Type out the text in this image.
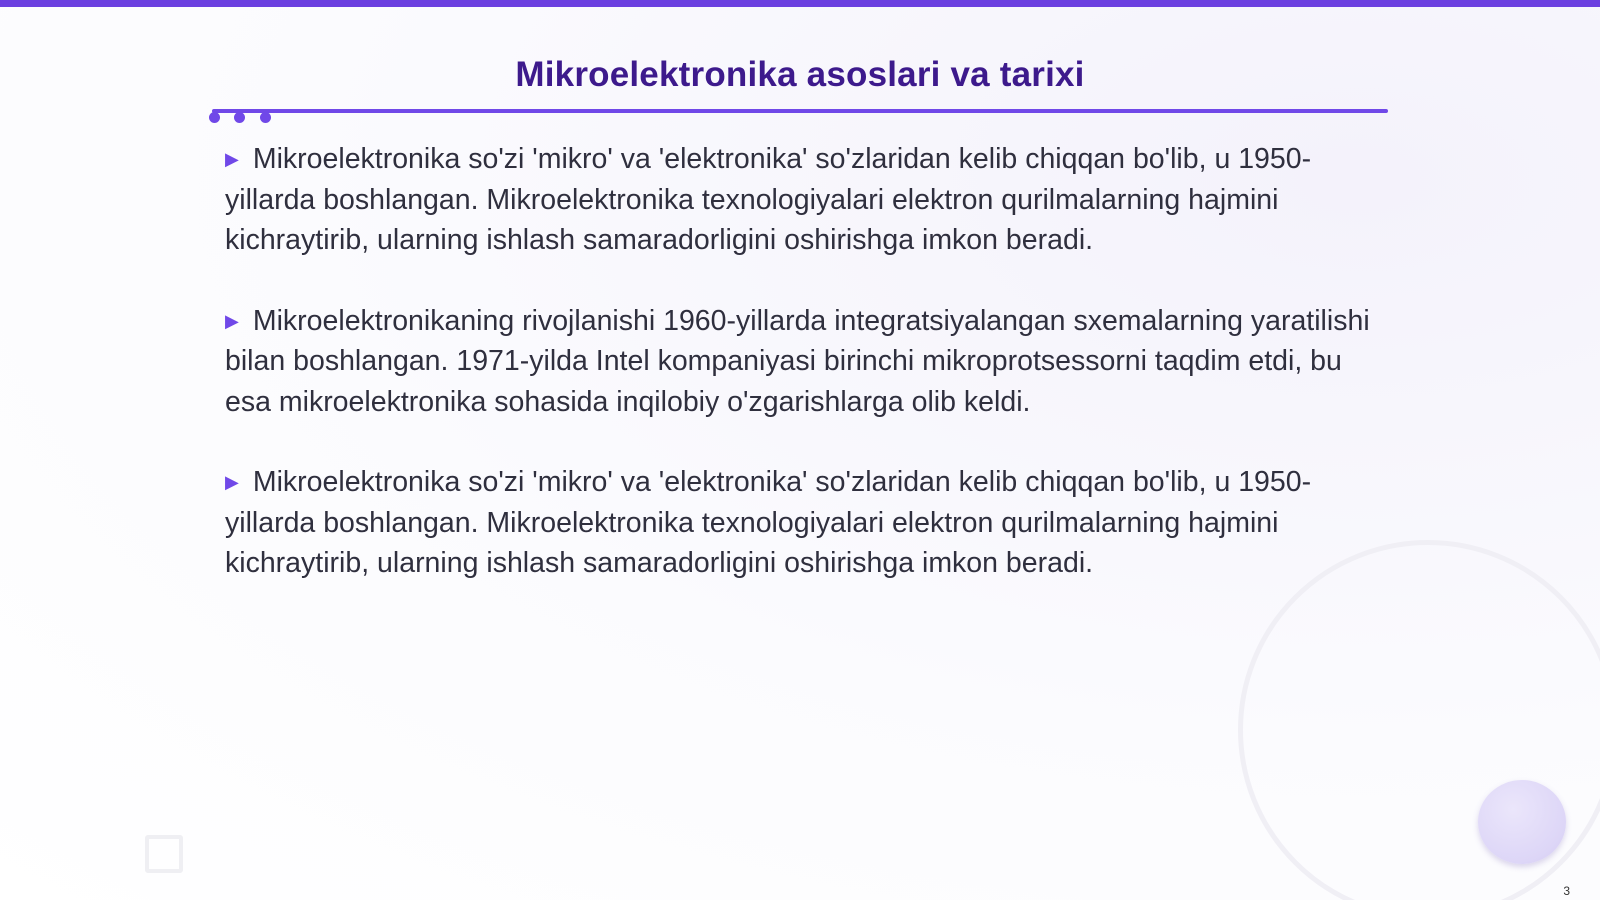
Mikroelektronika asoslari va tarixi
▶ Mikroelektronika so'zi 'mikro' va 'elektronika' so'zlaridan kelib chiqqan bo'lib, u 1950-yillarda boshlangan. Mikroelektronika texnologiyalari elektron qurilmalarning hajmini kichraytirib, ularning ishlash samaradorligini oshirishga imkon beradi.
▶ Mikroelektronikaning rivojlanishi 1960-yillarda integratsiyalangan sxemalarning yaratilishi bilan boshlangan. 1971-yilda Intel kompaniyasi birinchi mikroprotsessorni taqdim etdi, bu esa mikroelektronika sohasida inqilobiy o'zgarishlarga olib keldi.
▶ Mikroelektronika so'zi 'mikro' va 'elektronika' so'zlaridan kelib chiqqan bo'lib, u 1950-yillarda boshlangan. Mikroelektronika texnologiyalari elektron qurilmalarning hajmini kichraytirib, ularning ishlash samaradorligini oshirishga imkon beradi.
3
